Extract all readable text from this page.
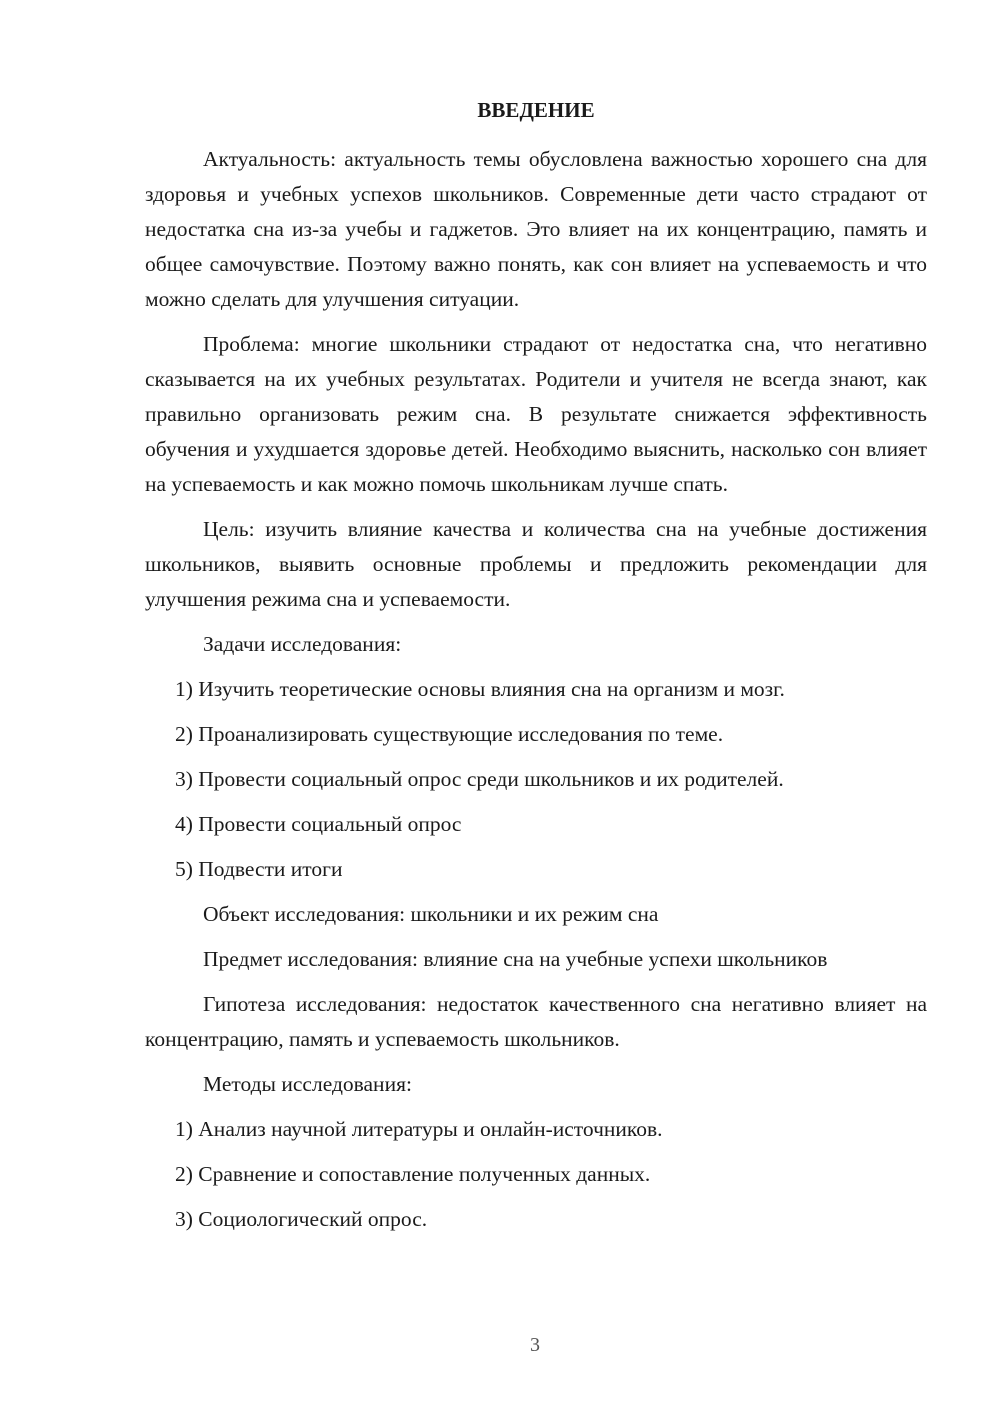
ВВЕДЕНИЕ

Актуальность: актуальность темы обусловлена важностью хорошего сна для здоровья и учебных успехов школьников. Современные дети часто страдают от недостатка сна из-за учебы и гаджетов. Это влияет на их концентрацию, память и общее самочувствие. Поэтому важно понять, как сон влияет на успеваемость и что можно сделать для улучшения ситуации.

Проблема: многие школьники страдают от недостатка сна, что негативно сказывается на их учебных результатах. Родители и учителя не всегда знают, как правильно организовать режим сна. В результате снижается эффективность обучения и ухудшается здоровье детей. Необходимо выяснить, насколько сон влияет на успеваемость и как можно помочь школьникам лучше спать.

Цель: изучить влияние качества и количества сна на учебные достижения школьников, выявить основные проблемы и предложить рекомендации для улучшения режима сна и успеваемости.

Задачи исследования:

1) Изучить теоретические основы влияния сна на организм и мозг.
2) Проанализировать существующие исследования по теме.
3) Провести социальный опрос среди школьников и их родителей.
4) Провести социальный опрос
5) Подвести итоги

Объект исследования: школьники и их режим сна

Предмет исследования: влияние сна на учебные успехи школьников

Гипотеза исследования: недостаток качественного сна негативно влияет на концентрацию, память и успеваемость школьников.

Методы исследования:

1) Анализ научной литературы и онлайн-источников.
2) Сравнение и сопоставление полученных данных.
3) Социологический опрос.
3
